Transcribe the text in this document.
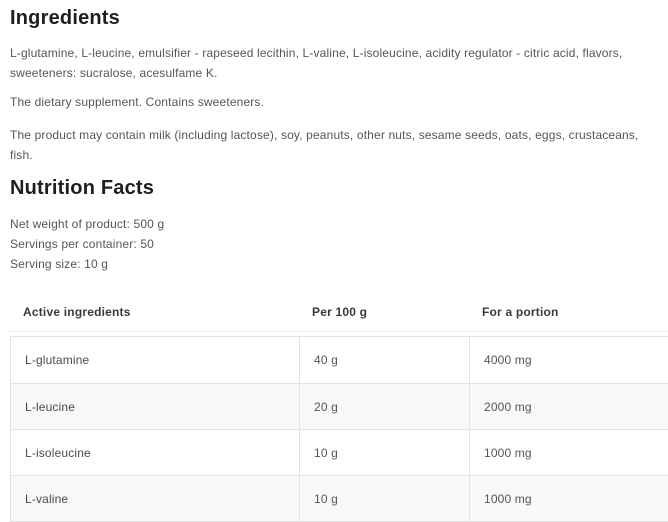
Ingredients

L-glutamine, L-leucine, emulsifier - rapeseed lecithin, L-valine, L-isoleucine, acidity regulator - citric acid, flavors, sweeteners: sucralose, acesulfame K.

The dietary supplement. Contains sweeteners.

The product may contain milk (including lactose), soy, peanuts, other nuts, sesame seeds, oats, eggs, crustaceans, fish.

Nutrition Facts
Net weight of product: 500 g
Servings per container: 50
Serving size: 10 g
Active ingredients	Per 100 g	For a portion
L-glutamine	40 g	4000 mg
L-leucine	20 g	2000 mg
L-isoleucine	10 g	1000 mg
L-valine	10 g	1000 mg
